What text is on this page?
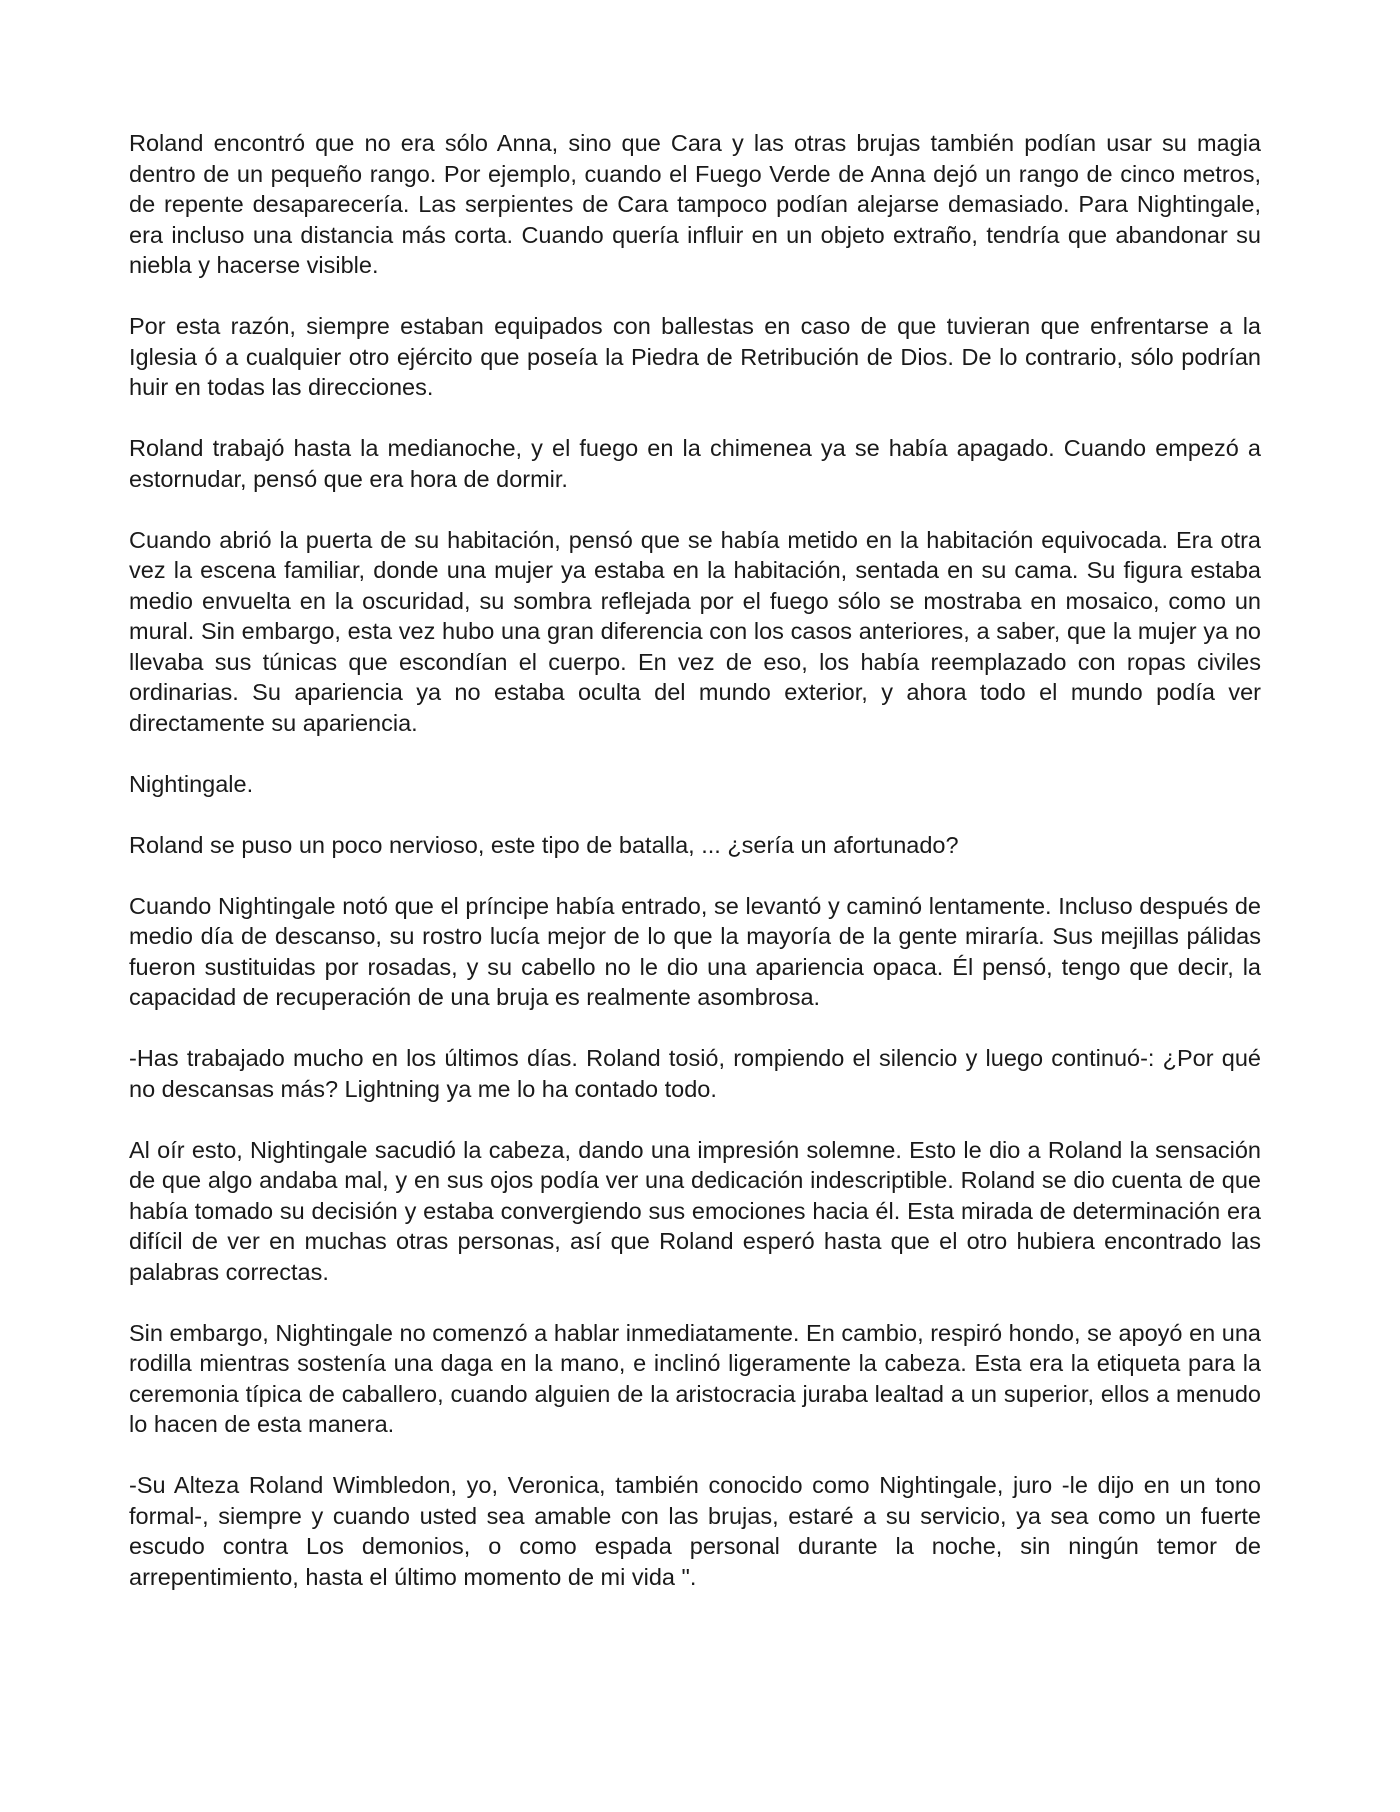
Roland encontró que no era sólo Anna, sino que Cara y las otras brujas también podían usar su magia dentro de un pequeño rango. Por ejemplo, cuando el Fuego Verde de Anna dejó un rango de cinco metros, de repente desaparecería. Las serpientes de Cara tampoco podían alejarse demasiado. Para Nightingale, era incluso una distancia más corta. Cuando quería influir en un objeto extraño, tendría que abandonar su niebla y hacerse visible.

Por esta razón, siempre estaban equipados con ballestas en caso de que tuvieran que enfrentarse a la Iglesia ó a cualquier otro ejército que poseía la Piedra de Retribución de Dios. De lo contrario, sólo podrían huir en todas las direcciones.

Roland trabajó hasta la medianoche, y el fuego en la chimenea ya se había apagado. Cuando empezó a estornudar, pensó que era hora de dormir.

Cuando abrió la puerta de su habitación, pensó que se había metido en la habitación equivocada. Era otra vez la escena familiar, donde una mujer ya estaba en la habitación, sentada en su cama. Su figura estaba medio envuelta en la oscuridad, su sombra reflejada por el fuego sólo se mostraba en mosaico, como un mural. Sin embargo, esta vez hubo una gran diferencia con los casos anteriores, a saber, que la mujer ya no llevaba sus túnicas que escondían el cuerpo. En vez de eso, los había reemplazado con ropas civiles ordinarias. Su apariencia ya no estaba oculta del mundo exterior, y ahora todo el mundo podía ver directamente su apariencia.

Nightingale.

Roland se puso un poco nervioso, este tipo de batalla, ... ¿sería un afortunado?

Cuando Nightingale notó que el príncipe había entrado, se levantó y caminó lentamente. Incluso después de medio día de descanso, su rostro lucía mejor de lo que la mayoría de la gente miraría. Sus mejillas pálidas fueron sustituidas por rosadas, y su cabello no le dio una apariencia opaca. Él pensó, tengo que decir, la capacidad de recuperación de una bruja es realmente asombrosa.

-Has trabajado mucho en los últimos días. Roland tosió, rompiendo el silencio y luego continuó-: ¿Por qué no descansas más? Lightning ya me lo ha contado todo.

Al oír esto, Nightingale sacudió la cabeza, dando una impresión solemne. Esto le dio a Roland la sensación de que algo andaba mal, y en sus ojos podía ver una dedicación indescriptible. Roland se dio cuenta de que había tomado su decisión y estaba convergiendo sus emociones hacia él. Esta mirada de determinación era difícil de ver en muchas otras personas, así que Roland esperó hasta que el otro hubiera encontrado las palabras correctas.

Sin embargo, Nightingale no comenzó a hablar inmediatamente. En cambio, respiró hondo, se apoyó en una rodilla mientras sostenía una daga en la mano, e inclinó ligeramente la cabeza. Esta era la etiqueta para la ceremonia típica de caballero, cuando alguien de la aristocracia juraba lealtad a un superior, ellos a menudo lo hacen de esta manera.

-Su Alteza Roland Wimbledon, yo, Veronica, también conocido como Nightingale, juro -le dijo en un tono formal-, siempre y cuando usted sea amable con las brujas, estaré a su servicio, ya sea como un fuerte escudo contra Los demonios, o como espada personal durante la noche, sin ningún temor de arrepentimiento, hasta el último momento de mi vida ".
